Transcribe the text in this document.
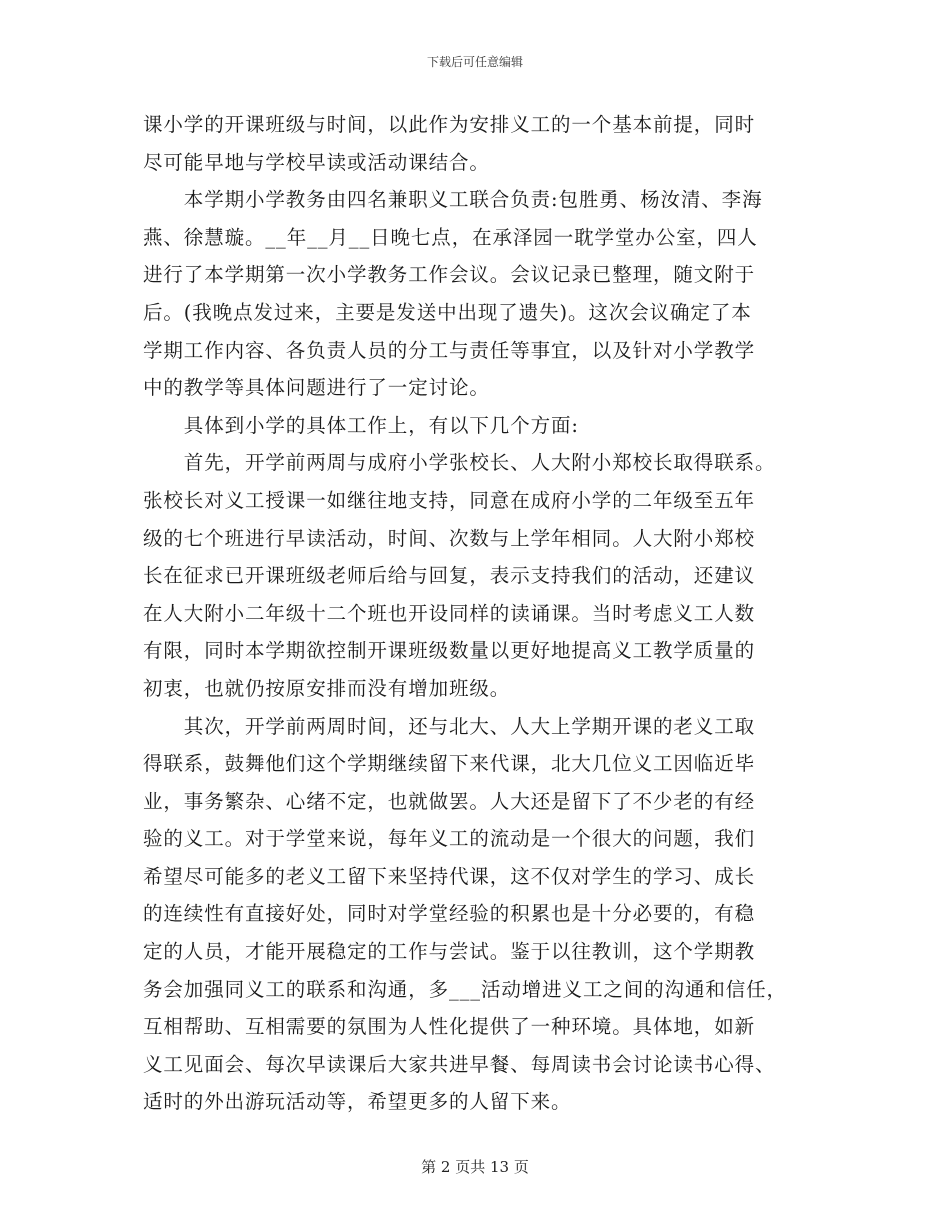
下载后可任意编辑
课小学的开课班级与时间，以此作为安排义工的一个基本前提，同时
尽可能早地与学校早读或活动课结合。
　　本学期小学教务由四名兼职义工联合负责:包胜勇、杨汝清、李海
燕、徐慧璇。__年__月__日晚七点，在承泽园一耽学堂办公室，四人
进行了本学期第一次小学教务工作会议。会议记录已整理，随文附于
后。(我晚点发过来，主要是发送中出现了遗失)。这次会议确定了本
学期工作内容、各负责人员的分工与责任等事宜，以及针对小学教学
中的教学等具体问题进行了一定讨论。
　　具体到小学的具体工作上，有以下几个方面:
　　首先，开学前两周与成府小学张校长、人大附小郑校长取得联系。
张校长对义工授课一如继往地支持，同意在成府小学的二年级至五年
级的七个班进行早读活动，时间、次数与上学年相同。人大附小郑校
长在征求已开课班级老师后给与回复，表示支持我们的活动，还建议
在人大附小二年级十二个班也开设同样的读诵课。当时考虑义工人数
有限，同时本学期欲控制开课班级数量以更好地提高义工教学质量的
初衷，也就仍按原安排而没有增加班级。
　　其次，开学前两周时间，还与北大、人大上学期开课的老义工取
得联系，鼓舞他们这个学期继续留下来代课，北大几位义工因临近毕
业，事务繁杂、心绪不定，也就做罢。人大还是留下了不少老的有经
验的义工。对于学堂来说，每年义工的流动是一个很大的问题，我们
希望尽可能多的老义工留下来坚持代课，这不仅对学生的学习、成长
的连续性有直接好处，同时对学堂经验的积累也是十分必要的，有稳
定的人员，才能开展稳定的工作与尝试。鉴于以往教训，这个学期教
务会加强同义工的联系和沟通，多___活动增进义工之间的沟通和信任，
互相帮助、互相需要的氛围为人性化提供了一种环境。具体地，如新
义工见面会、每次早读课后大家共进早餐、每周读书会讨论读书心得、
适时的外出游玩活动等，希望更多的人留下来。
第 2 页共 13 页
